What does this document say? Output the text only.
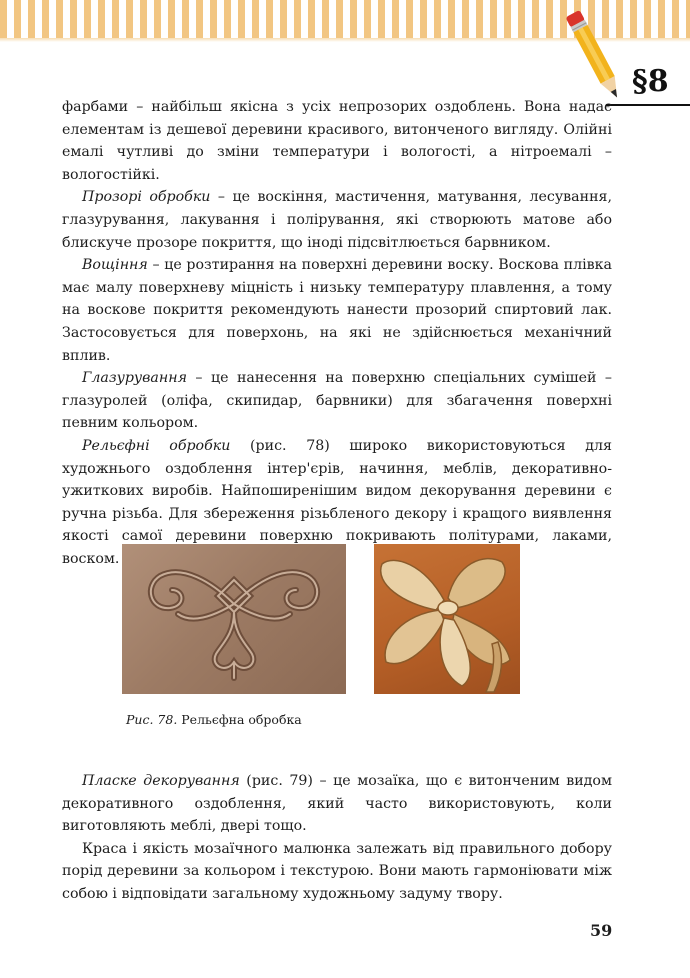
§8

фарбами – найбільш якісна з усіх непрозорих оздоблень. Вона надає елементам із дешевої деревини красивого, витонченого вигляду. Олійні емалі чутливі до зміни температури і вологості, а нітроемалі – вологостійкі.

Прозорі обробки – це воскіння, мастичення, матування, лесування, глазурування, лакування і полірування, які створюють матове або блискуче прозоре покриття, що іноді підсвітлюється барвником.

Вощіння – це розтирання на поверхні деревини воску. Воскова плівка має малу поверхневу міцність і низьку температуру плавлення, а тому на воскове покриття рекомендують нанести прозорий спиртовий лак. Застосовується для поверхонь, на які не здійснюється механічний вплив.

Глазурування – це нанесення на поверхню спеціальних сумішей – глазуролей (оліфа, скипидар, барвники) для збагачення поверхні певним кольором.

Рельєфні обробки (рис. 78) широко використовуються для художнього оздоблення інтер'єрів, начиння, меблів, декоративно-ужиткових виробів. Найпоширенішим видом декорування деревини є ручна різьба. Для збереження різьбленого декору і кращого виявлення якості самої деревини поверхню покривають політурами, лаками, воском.

Рис. 78. Рельєфна обробка

Пласке декорування (рис. 79) – це мозаїка, що є витонченим видом декоративного оздоблення, який часто використовують, коли виготовляють меблі, двері тощо.

Краса і якість мозаїчного малюнка залежать від правильного добору порід деревини за кольором і текстурою. Вони мають гармоніювати між собою і відповідати загальному художньому задуму твору.

59
